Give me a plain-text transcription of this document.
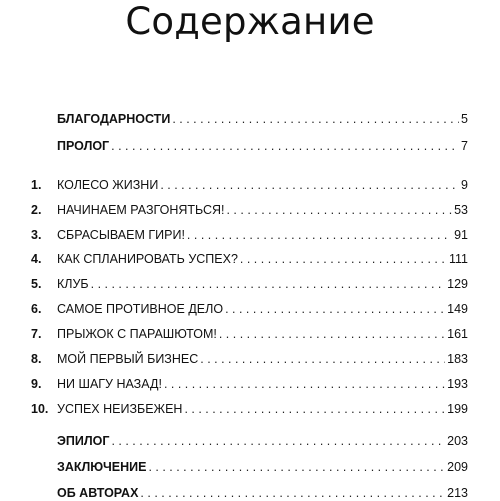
Содержание
БЛАГОДАРНОСТИ . . .	5
ПРОЛОГ . . .	7
1.	КОЛЕСО ЖИЗНИ . . .	9
2.	НАЧИНАЕМ РАЗГОНЯТЬСЯ! . . .	53
3.	СБРАСЫВАЕМ ГИРИ! . . .	91
4.	КАК СПЛАНИРОВАТЬ УСПЕХ? . . .	111
5.	КЛУБ . . .	129
6.	САМОЕ ПРОТИВНОЕ ДЕЛО . . .	149
7.	ПРЫЖОК С ПАРАШЮТОМ! . . .	161
8.	МОЙ ПЕРВЫЙ БИЗНЕС . . .	183
9.	НИ ШАГУ НАЗАД! . . .	193
10. УСПЕХ НЕИЗБЕЖЕН . . .	199
ЭПИЛОГ . . .	203
ЗАКЛЮЧЕНИЕ . . .	209
ОБ АВТОРАХ . . .	213
